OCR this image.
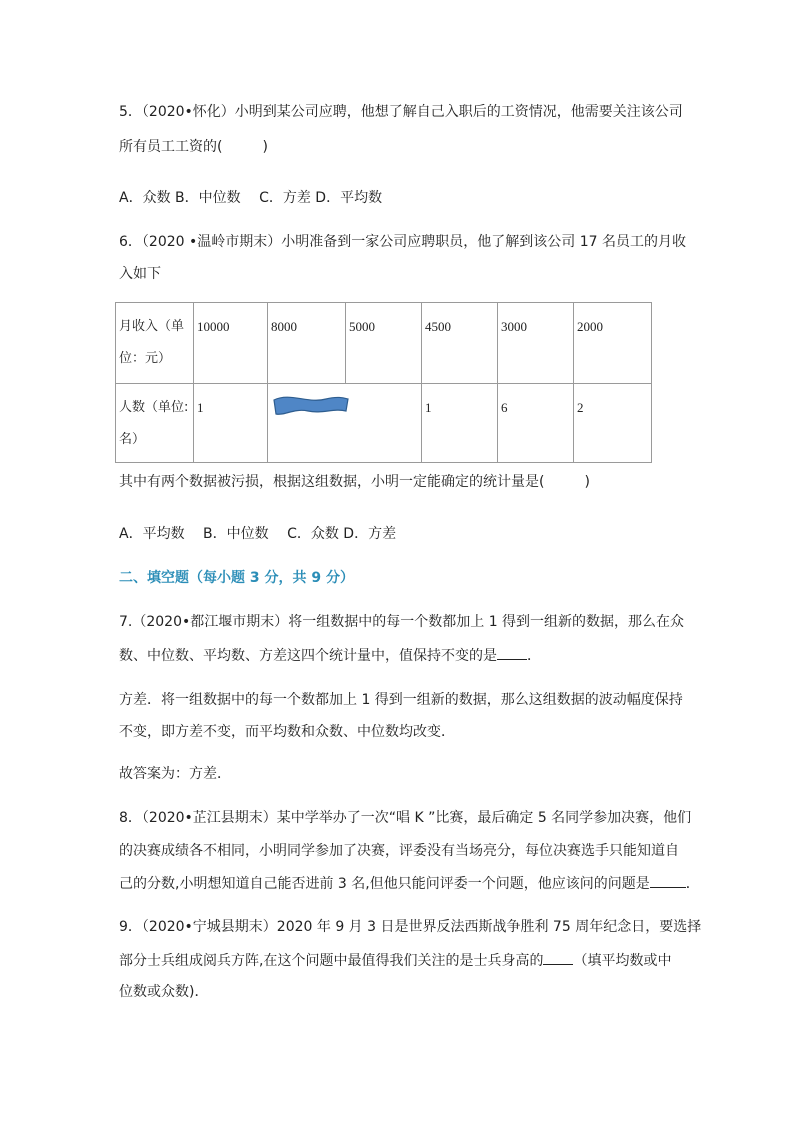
5．（2020•怀化）小明到某公司应聘，他想了解自己入职后的工资情况，他需要关注该公司
所有员工工资的(	)
A．众数 B．中位数　 C．方差 D．平均数
6．（2020 •温岭市期末）小明准备到一家公司应聘职员，他了解到该公司 17 名员工的月收
入如下
月收入（单
位：元）	10000	8000	5000	4500	3000	2000

人数（单位:
名）	1			1	6	2
其中有两个数据被污损，根据这组数据，小明一定能确定的统计量是(	)
A．平均数　 B．中位数　 C．众数 D．方差
二、填空题（每小题 3 分，共 9 分）
7.（2020•都江堰市期末）将一组数据中的每一个数都加上 1 得到一组新的数据，那么在众
数、中位数、平均数、方差这四个统计量中，值保持不变的是 ．
方差．将一组数据中的每一个数都加上 1 得到一组新的数据，那么这组数据的波动幅度保持
不变，即方差不变，而平均数和众数、中位数均改变．
故答案为：方差．
8．（2020•芷江县期末）某中学举办了一次“唱 K ”比赛，最后确定 5 名同学参加决赛，他们
的决赛成绩各不相同，小明同学参加了决赛，评委没有当场亮分，每位决赛选手只能知道自
己的分数,小明想知道自己能否进前 3 名,但他只能问评委一个问题，他应该问的问题是	．
9．（2020•宁城县期末）2020 年 9 月 3 日是世界反法西斯战争胜利 75 周年纪念日，要选择
部分士兵组成阅兵方阵,在这个问题中最值得我们关注的是士兵身高的 （填平均数或中
位数或众数)．
